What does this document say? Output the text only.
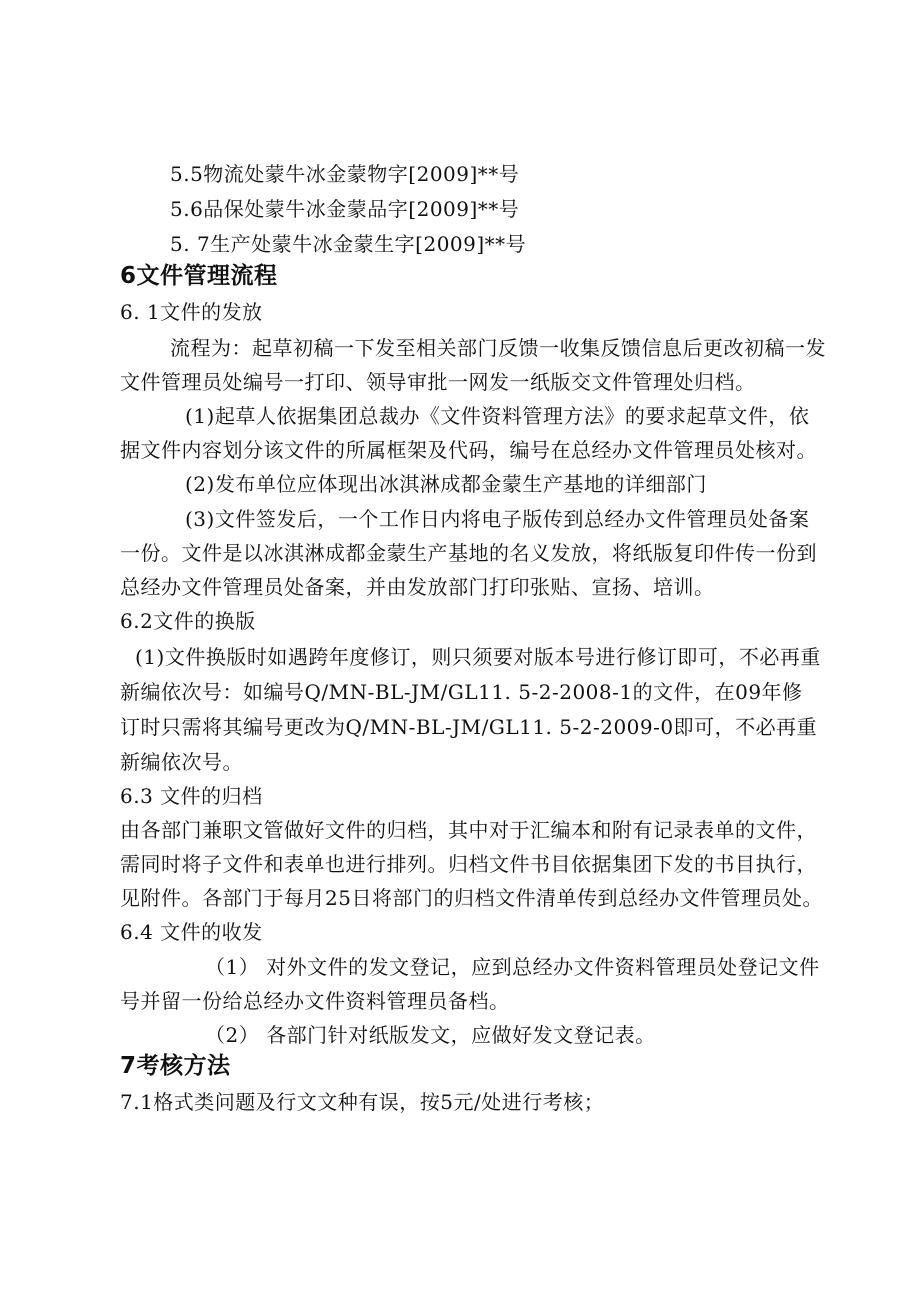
5.5物流处蒙牛冰金蒙物字[2009]**号
5.6品保处蒙牛冰金蒙品字[2009]**号
5. 7生产处蒙牛冰金蒙生字[2009]**号
6文件管理流程
6. 1文件的发放
流程为：起草初稿一下发至相关部门反馈一收集反馈信息后更改初稿一发
文件管理员处编号一打印、领导审批一网发一纸版交文件管理处归档。
(1)起草人依据集团总裁办《文件资料管理方法》的要求起草文件，依
据文件内容划分该文件的所属框架及代码，编号在总经办文件管理员处核对。
(2)发布单位应体现出冰淇淋成都金蒙生产基地的详细部门
(3)文件签发后，一个工作日内将电子版传到总经办文件管理员处备案
一份。文件是以冰淇淋成都金蒙生产基地的名义发放，将纸版复印件传一份到
总经办文件管理员处备案，并由发放部门打印张贴、宣扬、培训。
6.2文件的换版
(1)文件换版时如遇跨年度修订，则只须要对版本号进行修订即可，不必再重
新编依次号：如编号Q/MN-BL-JM/GL11. 5-2-2008-1的文件，在09年修
订时只需将其编号更改为Q/MN-BL-JM/GL11. 5-2-2009-0即可，不必再重
新编依次号。
6.3 文件的归档
由各部门兼职文管做好文件的归档，其中对于汇编本和附有记录表单的文件，
需同时将子文件和表单也进行排列。归档文件书目依据集团下发的书目执行，
见附件。各部门于每月25日将部门的归档文件清单传到总经办文件管理员处。
6.4 文件的收发
（1） 对外文件的发文登记，应到总经办文件资料管理员处登记文件
号并留一份给总经办文件资料管理员备档。
（2） 各部门针对纸版发文，应做好发文登记表。
7考核方法
7.1格式类问题及行文文种有误，按5元/处进行考核；
